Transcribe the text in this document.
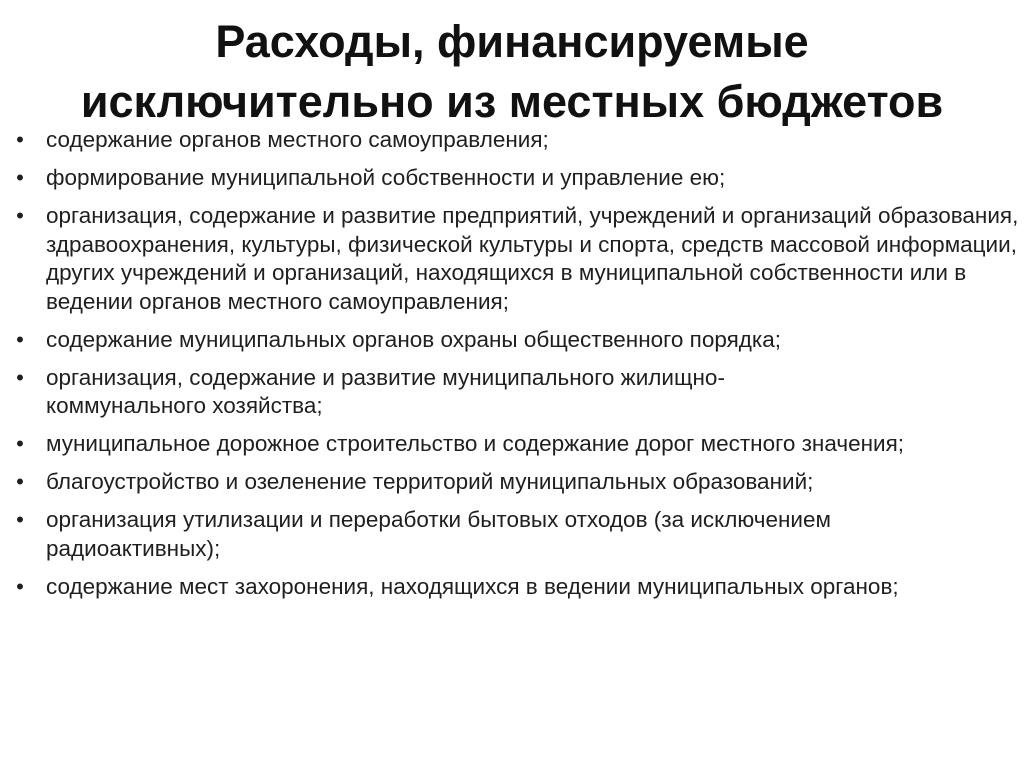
Расходы, финансируемые
исключительно из местных бюджетов
• содержание органов местного самоуправления;
• формирование муниципальной собственности и управление ею;
• организация, содержание и развитие предприятий, учреждений и организаций образования, здравоохранения, культуры, физической культуры и спорта, средств массовой информации, других учреждений и организаций, находящихся в муниципальной собственности или в ведении органов местного самоуправления;
• содержание муниципальных органов охраны общественного порядка;
• организация, содержание и развитие муниципального жилищно-коммунального хозяйства;
• муниципальное дорожное строительство и содержание дорог местного значения;
• благоустройство и озеленение территорий муниципальных образований;
• организация утилизации и переработки бытовых отходов (за исключением радиоактивных);
• содержание мест захоронения, находящихся в ведении муниципальных органов;
